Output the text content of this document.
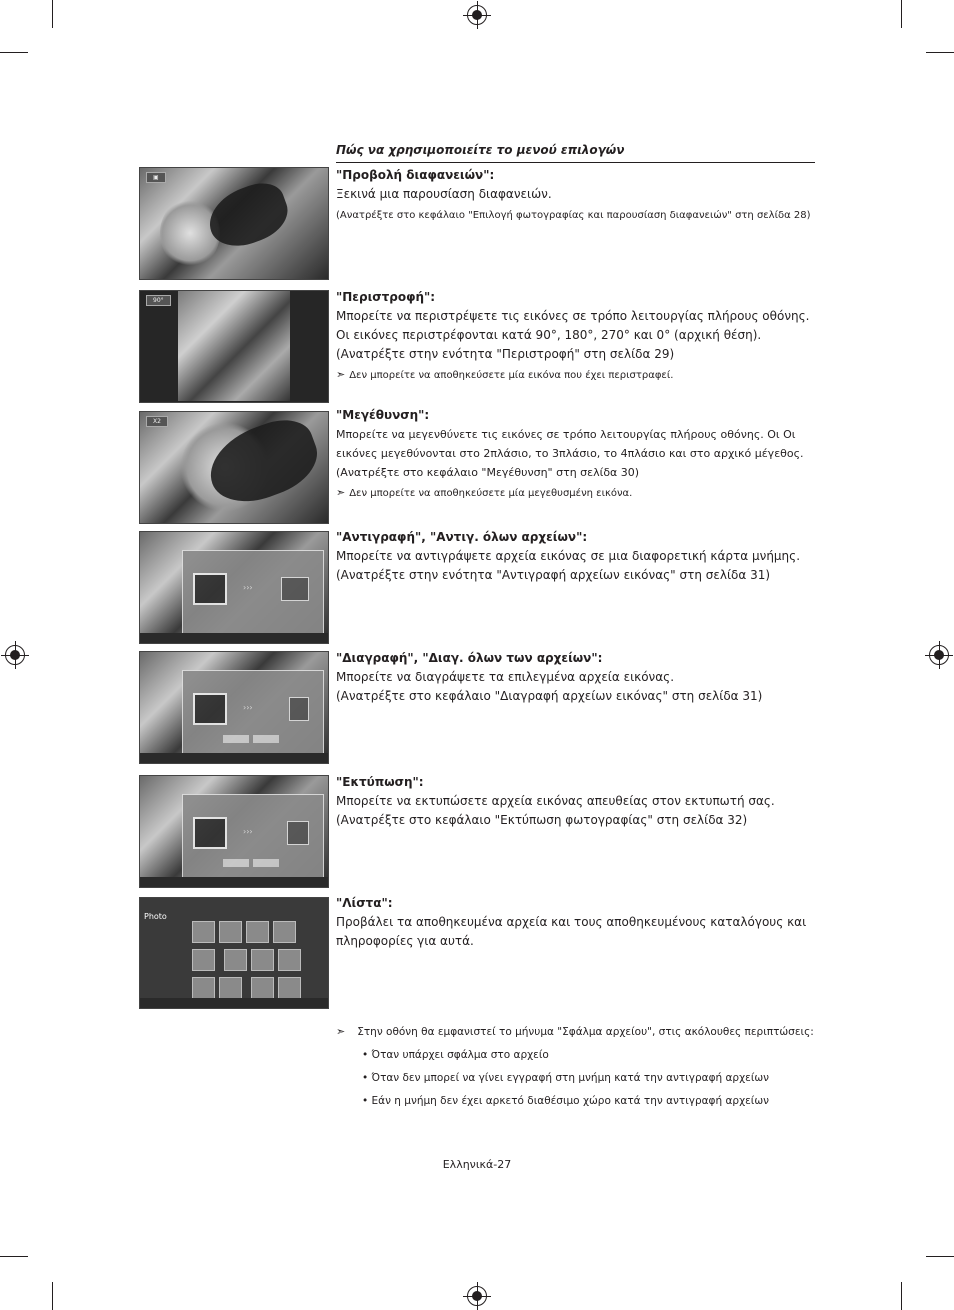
Πώς να χρησιμοποιείτε το μενού επιλογών
▣	"Προβολή διαφανειών":
Ξεκινά μια παρουσίαση διαφανειών.
(Ανατρέξτε στο κεφάλαιο "Επιλογή φωτογραφίας και παρουσίαση διαφανειών" στη σελίδα 28)
90°	"Περιστροφή":
Μπορείτε να περιστρέψετε τις εικόνες σε τρόπο λειτουργίας πλήρους οθόνης. Οι εικόνες περιστρέφονται κατά 90°, 180°, 270° και 0° (αρχική θέση). (Ανατρέξτε στην ενότητα "Περιστροφή" στη σελίδα 29)
➣ Δεν μπορείτε να αποθηκεύσετε μία εικόνα που έχει περιστραφεί.
X2	"Μεγέθυνση":
Μπορείτε να μεγενθύνετε τις εικόνες σε τρόπο λειτουργίας πλήρους οθόνης. Οι Οι εικόνες μεγεθύνονται στο 2πλάσιο, το 3πλάσιο, το 4πλάσιο και στο αρχικό μέγεθος.(Ανατρέξτε στο κεφάλαιο "Μεγέθυνση" στη σελίδα 30)
➣ Δεν μπορείτε να αποθηκεύσετε μία μεγεθυσμένη εικόνα.
›››
"Αντιγραφή", "Αντιγ. όλων αρχείων":
Μπορείτε να αντιγράψετε αρχεία εικόνας σε μια διαφορετική κάρτα μνήμης.
(Ανατρέξτε στην ενότητα "Αντιγραφή αρχείων εικόνας" στη σελίδα 31)
›››
"Διαγραφή", "Διαγ. όλων των αρχείων":
Μπορείτε να διαγράψετε τα επιλεγμένα αρχεία εικόνας.
(Ανατρέξτε στο κεφάλαιο "Διαγραφή αρχείων εικόνας" στη σελίδα 31)
›››
"Εκτύπωση":
Μπορείτε να εκτυπώσετε αρχεία εικόνας απευθείας στον εκτυπωτή σας. (Ανατρέξτε στο κεφάλαιο "Εκτύπωση φωτογραφίας" στη σελίδα 32)
Photo

"Λίστα":
Προβάλει τα αποθηκευμένα αρχεία και τους αποθηκευμένους καταλόγους και πληροφορίες για αυτά.
➣ Στην οθόνη θα εμφανιστεί το μήνυμα "Σφάλμα αρχείου", στις ακόλουθες περιπτώσεις:
• Όταν υπάρχει σφάλμα στο αρχείο
• Όταν δεν μπορεί να γίνει εγγραφή στη μνήμη κατά την αντιγραφή αρχείων
• Εάν η μνήμη δεν έχει αρκετό διαθέσιμο χώρο κατά την αντιγραφή αρχείων
Ελληνικά-27
